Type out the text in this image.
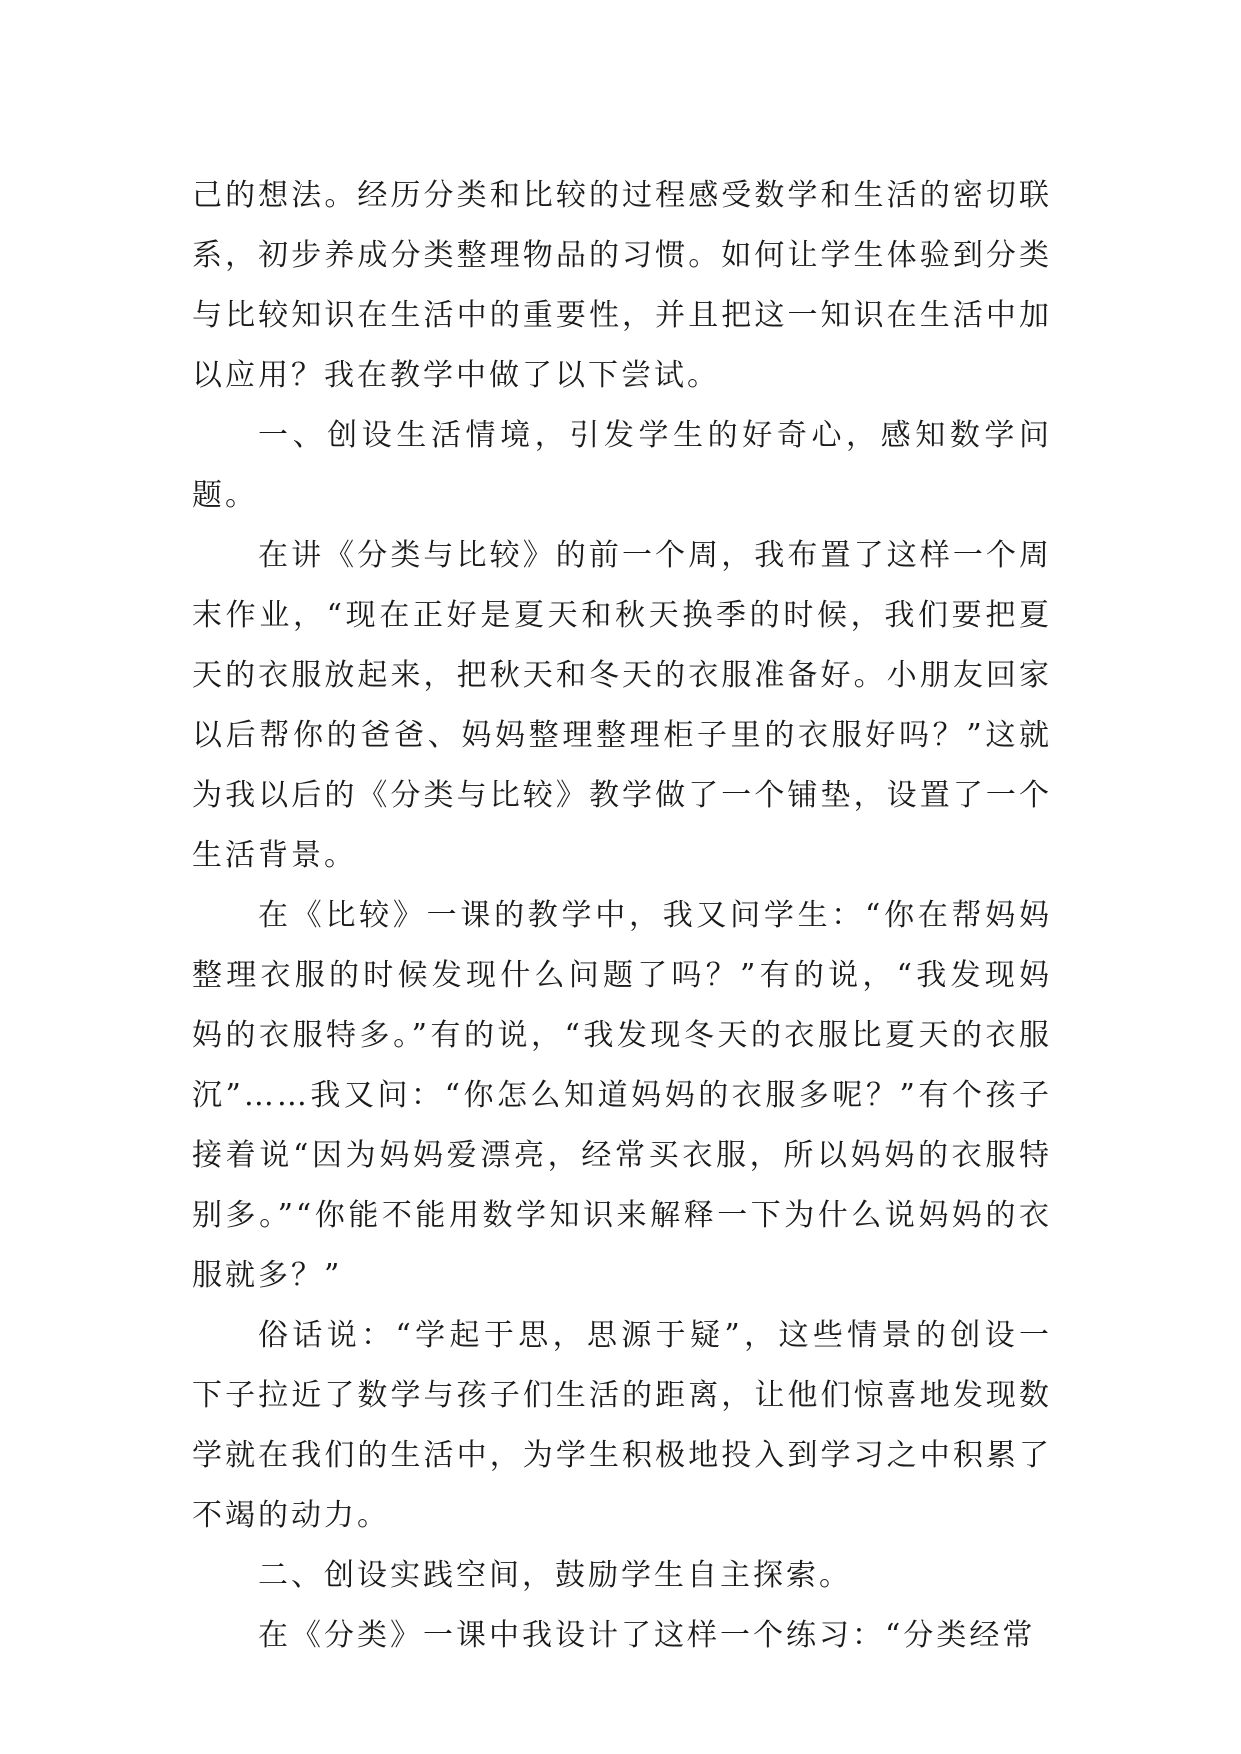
己的想法。经历分类和比较的过程感受数学和生活的密切联系，初步养成分类整理物品的习惯。如何让学生体验到分类与比较知识在生活中的重要性，并且把这一知识在生活中加以应用？我在教学中做了以下尝试。

一、创设生活情境，引发学生的好奇心，感知数学问题。

在讲《分类与比较》的前一个周，我布置了这样一个周末作业，“现在正好是夏天和秋天换季的时候，我们要把夏天的衣服放起来，把秋天和冬天的衣服准备好。小朋友回家以后帮你的爸爸、妈妈整理整理柜子里的衣服好吗？”这就为我以后的《分类与比较》教学做了一个铺垫，设置了一个生活背景。

在《比较》一课的教学中，我又问学生：“你在帮妈妈整理衣服的时候发现什么问题了吗？”有的说，“我发现妈妈的衣服特多。”有的说，“我发现冬天的衣服比夏天的衣服沉”……我又问：“你怎么知道妈妈的衣服多呢？”有个孩子接着说“因为妈妈爱漂亮，经常买衣服，所以妈妈的衣服特别多。”“你能不能用数学知识来解释一下为什么说妈妈的衣服就多？”

俗话说：“学起于思，思源于疑”，这些情景的创设一下子拉近了数学与孩子们生活的距离，让他们惊喜地发现数学就在我们的生活中，为学生积极地投入到学习之中积累了不竭的动力。

二、创设实践空间，鼓励学生自主探索。

在《分类》一课中我设计了这样一个练习：“分类经常
